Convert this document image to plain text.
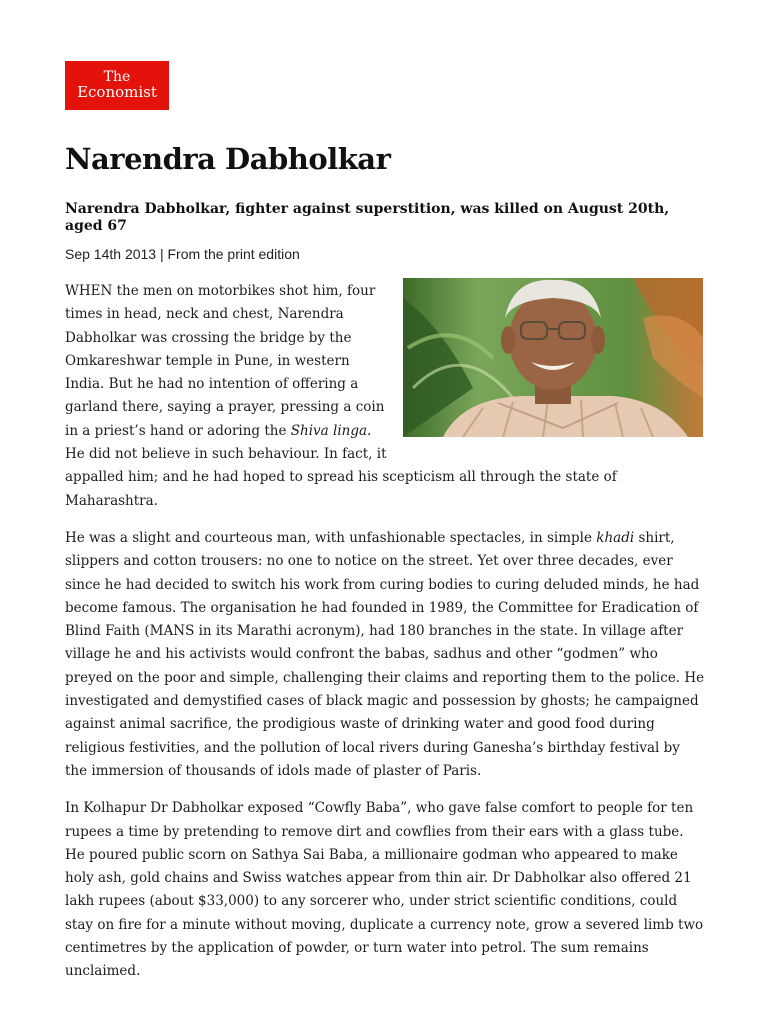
The
Economist
Narendra Dabholkar
Narendra Dabholkar, fighter against superstition, was killed on August 20th, aged 67
Sep 14th 2013 | From the print edition

WHEN the men on motorbikes shot him, four
times in head, neck and chest, Narendra
Dabholkar was crossing the bridge by the
Omkareshwar temple in Pune, in western
India. But he had no intention of offering a
garland there, saying a prayer, pressing a coin
in a priest’s hand or adoring the Shiva linga.
He did not believe in such behaviour. In fact, it
appalled him; and he had hoped to spread his scepticism all through the state of
Maharashtra.

He was a slight and courteous man, with unfashionable spectacles, in simple khadi shirt, slippers and cotton trousers: no one to notice on the street. Yet over three decades, ever since he had decided to switch his work from curing bodies to curing deluded minds, he had become famous. The organisation he had founded in 1989, the Committee for Eradication of Blind Faith (MANS in its Marathi acronym), had 180 branches in the state. In village after village he and his activists would confront the babas, sadhus and other “godmen” who preyed on the poor and simple, challenging their claims and reporting them to the police. He investigated and demystified cases of black magic and possession by ghosts; he campaigned against animal sacrifice, the prodigious waste of drinking water and good food during religious festivities, and the pollution of local rivers during Ganesha’s birthday festival by the immersion of thousands of idols made of plaster of Paris.

In Kolhapur Dr Dabholkar exposed “Cowfly Baba”, who gave false comfort to people for ten rupees a time by pretending to remove dirt and cowflies from their ears with a glass tube. He poured public scorn on Sathya Sai Baba, a millionaire godman who appeared to make holy ash, gold chains and Swiss watches appear from thin air. Dr Dabholkar also offered 21 lakh rupees (about $33,000) to any sorcerer who, under strict scientific conditions, could stay on fire for a minute without moving, duplicate a currency note, grow a severed limb two centimetres by the application of powder, or turn water into petrol. The sum remains unclaimed.
